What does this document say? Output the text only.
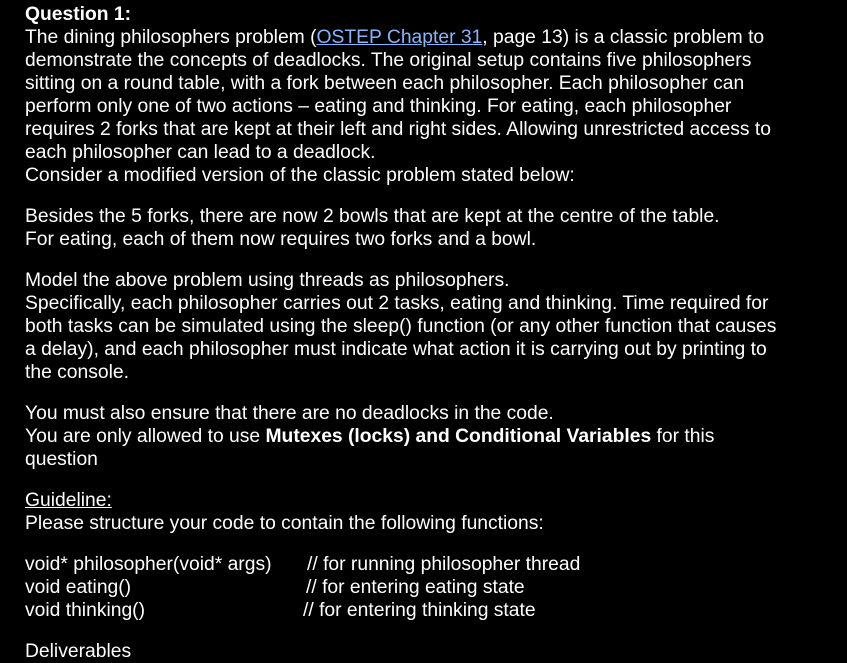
Question 1:
The dining philosophers problem (OSTEP Chapter 31, page 13) is a classic problem to
demonstrate the concepts of deadlocks. The original setup contains five philosophers
sitting on a round table, with a fork between each philosopher. Each philosopher can
perform only one of two actions – eating and thinking. For eating, each philosopher
requires 2 forks that are kept at their left and right sides. Allowing unrestricted access to
each philosopher can lead to a deadlock.
Consider a modified version of the classic problem stated below:
Besides the 5 forks, there are now 2 bowls that are kept at the centre of the table.
For eating, each of them now requires two forks and a bowl.
Model the above problem using threads as philosophers.
Specifically, each philosopher carries out 2 tasks, eating and thinking. Time required for
both tasks can be simulated using the sleep() function (or any other function that causes
a delay), and each philosopher must indicate what action it is carrying out by printing to
the console.
You must also ensure that there are no deadlocks in the code.
You are only allowed to use Mutexes (locks) and Conditional Variables for this
question
Guideline:
Please structure your code to contain the following functions:
void* philosopher(void* args) // for running philosopher thread
void eating()	// for entering eating state
void thinking()	// for entering thinking state
Deliverables
